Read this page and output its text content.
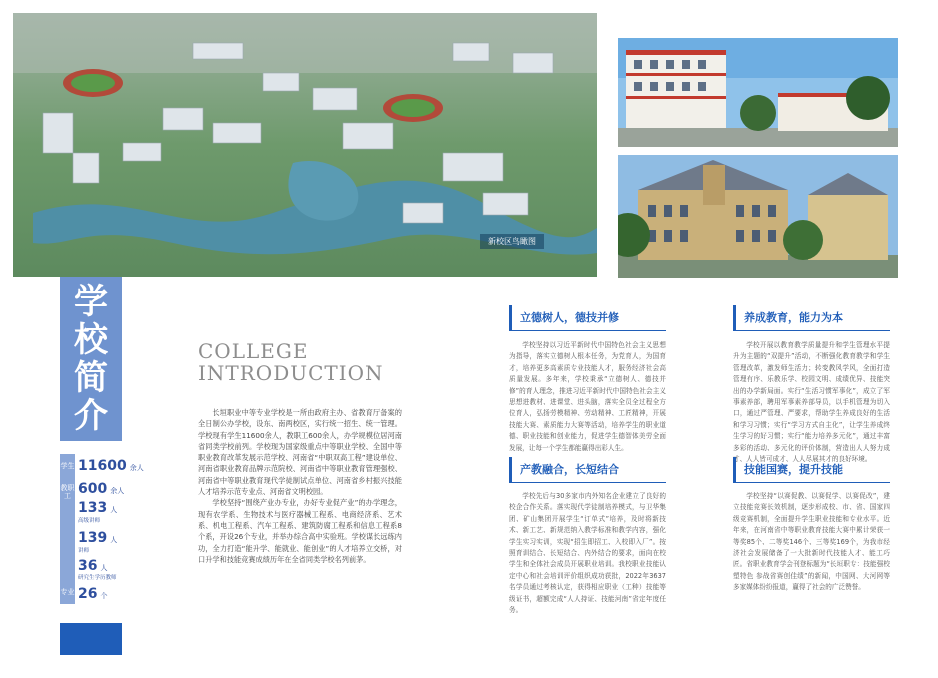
新校区鸟瞰图
学
校
简
介
COLLEGE
INTRODUCTION
学生
教职工
专业
11600 余人
600 余人
133 人
高级讲师
139 人
讲师
36 人
研究生学历教师
26 个

长垣职业中等专业学校是一所由政府主办、省教育厅备案的全日制公办学校，设东、南两校区，实行统一招生、统一管理。学校现有学生11600余人，教职工600余人，办学规模位居河南省同类学校前列。学校现为国家级重点中等职业学校、全国中等职业教育改革发展示范学校、河南省“中职双高工程”建设单位、河南省职业教育品牌示范院校、河南省中等职业教育管理强校、河南省中等职业教育现代学徒制试点单位、河南省乡村振兴技能人才培养示范专业点、河南省文明校园。

学校坚持“围绕产业办专业，办好专业促产业”的办学理念，现有农学系、生物技术与医疗器械工程系、电商经济系、艺术系、机电工程系、汽车工程系、建筑防腐工程系和信息工程系8个系，开设26个专业，并举办综合高中实验班。学校谋长远练内功，全力打造“能升学、能就业、能创业”的人才培养立交桥，对口升学和技能竞赛成绩历年在全省同类学校名列前茅。

立德树人，德技并修

学校坚持以习近平新时代中国特色社会主义思想为指导，落实立德树人根本任务，为党育人，为国育才，培养更多高素质专业技能人才，服务经济社会高质量发展。多年来，学校秉承“立德树人、德技并修”的育人理念，推进习近平新时代中国特色社会主义思想进教材、进课堂、进头脑，落实全员全过程全方位育人，弘扬劳模精神、劳动精神、工匠精神，开展技能大赛、素质能力大赛等活动，培养学生的职业道德、职业技能和创业能力，促进学生德智体美劳全面发展，让每一个学生都能赢得出彩人生。

产教融合，长短结合

学校先后与30多家市内外知名企业建立了良好的校企合作关系。落实现代学徒制培养模式，与卫华集团、矿山集团开展学生“订单式”培养，及时将新技术、新工艺、新规范纳入教学标准和教学内容，强化学生实习实训，实现“招生即招工、入校即入厂”。按照育训结合、长短结合、内外结合的要求，面向在校学生和全体社会成员开展职业培训。我校职业技能认定中心和社会培训评价组织成功获批，2022年3637名学员通过考核认定，获得相应职业（工种）技能等级证书，超额完成“人人持证、技能河南”省定年度任务。

养成教育，能力为本

学校开展以教育教学质量提升和学生管理水平提升为主题的“双提升”活动，不断强化教育教学和学生管理改革，激发师生活力；转变教风学风，全面打造管理有序、乐教乐学、校园文明、成绩优异、技能突出的办学新局面。实行“生活习惯军事化”，成立了军事素养部，聘用军事素养部导员，以手机管理为切入口，通过严管理、严要求，帮助学生养成良好的生活和学习习惯；实行“学习方式自主化”，让学生养成终生学习的好习惯；实行“能力培养多元化”，通过丰富多彩的活动、多元化的评价体制，营造出人人努力成才、人人皆可成才、人人尽展其才的良好环境。

技能国赛，提升技能

学校坚持“以赛促教、以赛促学、以赛促改”，建立技能竞赛长效机制，逐步形成校、市、省、国家四级竞赛机制，全面提升学生职业技能和专业水平。近年来，在河南省中等职业教育技能大赛中累计荣获一等奖85个、二等奖146个、三等奖169个，为我市经济社会发展储备了一大批新时代技能人才、能工巧匠。省职业教育学会刊登标题为“长垣职专：技能强校塑特色 参战省赛创佳绩”的新闻，中国网、大河网等多家媒体纷纷报道，赢得了社会的广泛赞誉。
